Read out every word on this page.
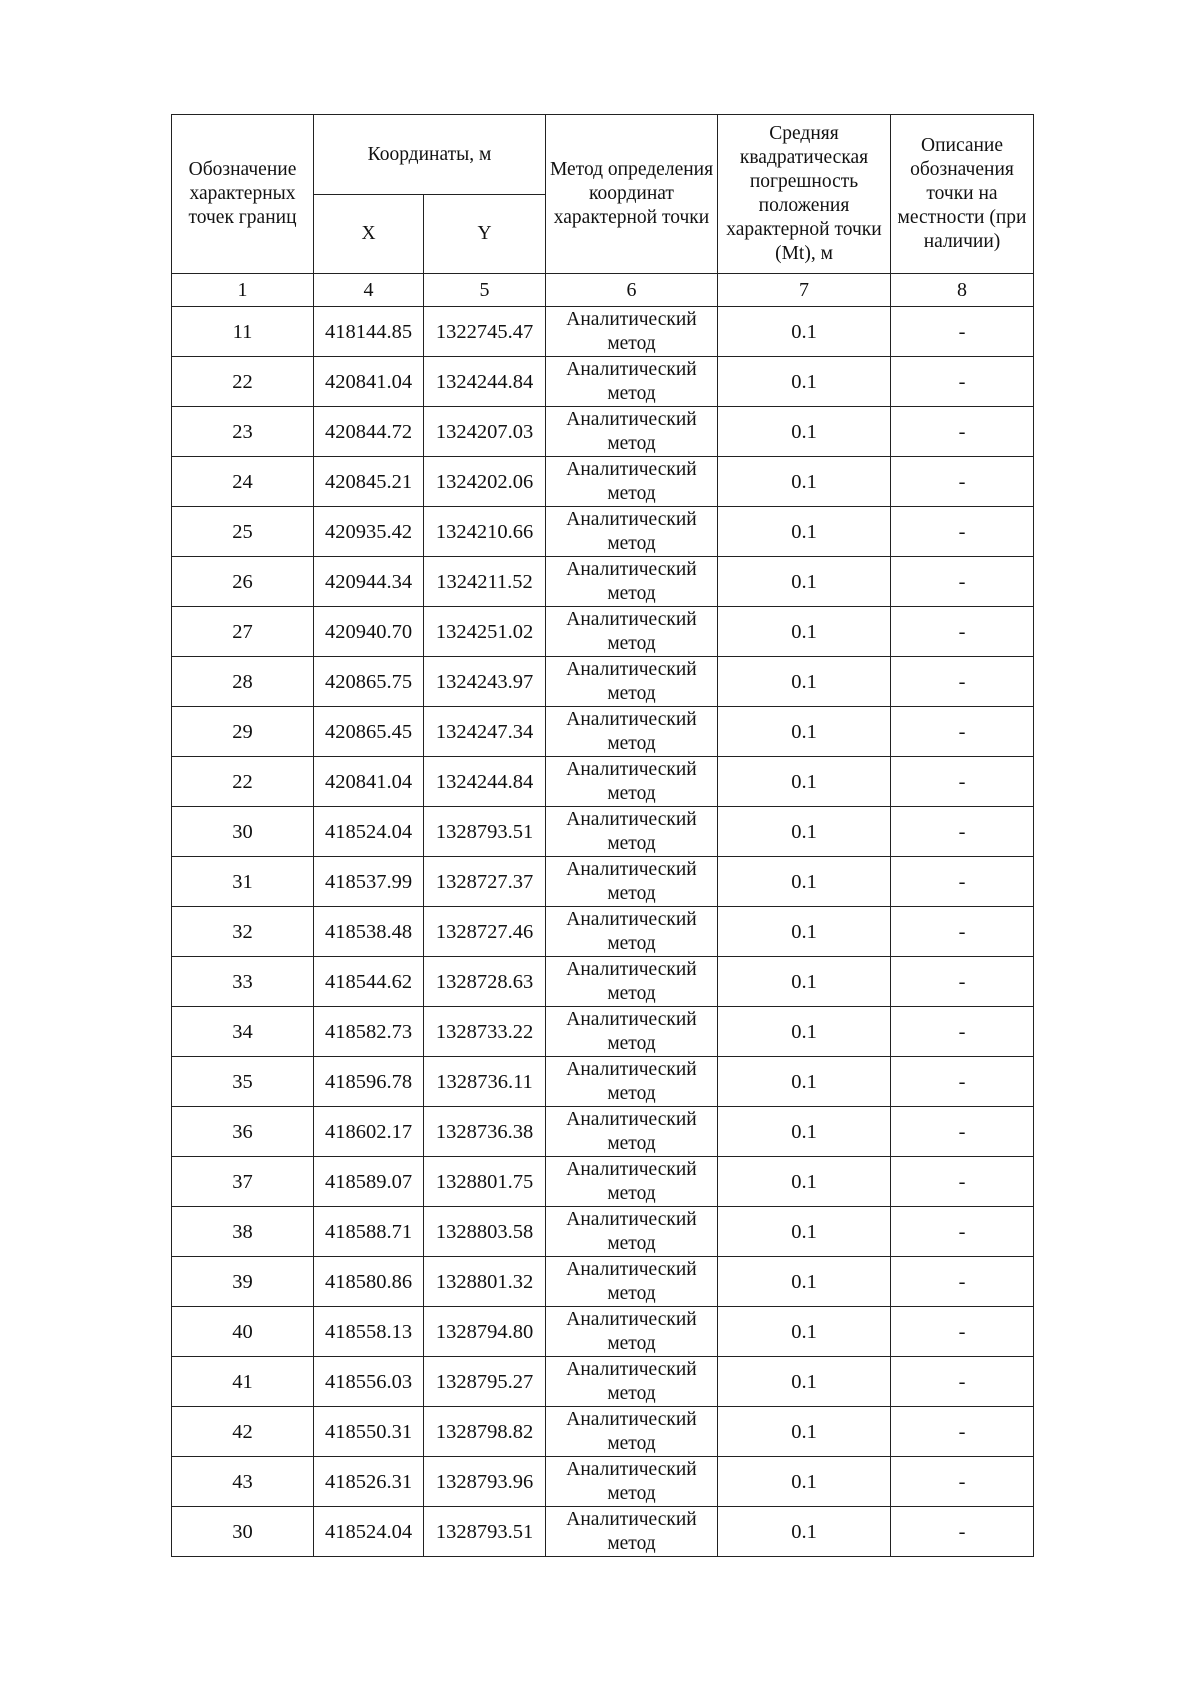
Обозначение характерных точек границ	Координаты, м		Метод определения координат характерной точки	Средняя квадратическая погрешность положения характерной точки (Mt), м	Описание обозначения точки на местности (при наличии)
	X	Y			
1	4	5	6	7	8
11	418144.85	1322745.47	Аналитический метод	0.1	-
22	420841.04	1324244.84	Аналитический метод	0.1	-
23	420844.72	1324207.03	Аналитический метод	0.1	-
24	420845.21	1324202.06	Аналитический метод	0.1	-
25	420935.42	1324210.66	Аналитический метод	0.1	-
26	420944.34	1324211.52	Аналитический метод	0.1	-
27	420940.70	1324251.02	Аналитический метод	0.1	-
28	420865.75	1324243.97	Аналитический метод	0.1	-
29	420865.45	1324247.34	Аналитический метод	0.1	-
22	420841.04	1324244.84	Аналитический метод	0.1	-
30	418524.04	1328793.51	Аналитический метод	0.1	-
31	418537.99	1328727.37	Аналитический метод	0.1	-
32	418538.48	1328727.46	Аналитический метод	0.1	-
33	418544.62	1328728.63	Аналитический метод	0.1	-
34	418582.73	1328733.22	Аналитический метод	0.1	-
35	418596.78	1328736.11	Аналитический метод	0.1	-
36	418602.17	1328736.38	Аналитический метод	0.1	-
37	418589.07	1328801.75	Аналитический метод	0.1	-
38	418588.71	1328803.58	Аналитический метод	0.1	-
39	418580.86	1328801.32	Аналитический метод	0.1	-
40	418558.13	1328794.80	Аналитический метод	0.1	-
41	418556.03	1328795.27	Аналитический метод	0.1	-
42	418550.31	1328798.82	Аналитический метод	0.1	-
43	418526.31	1328793.96	Аналитический метод	0.1	-
30	418524.04	1328793.51	Аналитический метод	0.1	-
